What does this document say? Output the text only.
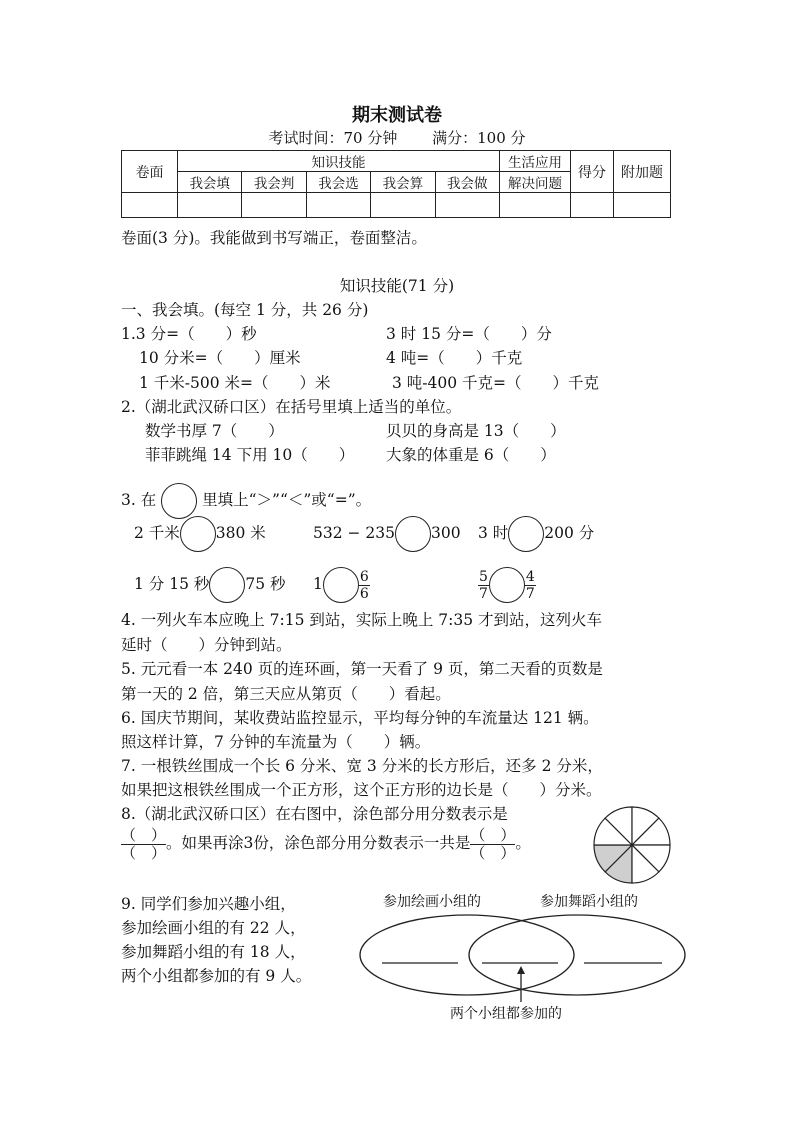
期末测试卷
考试时间：70 分钟　　 满分：100 分
卷面	知识技能					生活应用	得分	附加题
	我会填	我会判	我会选	我会算	我会做	解决问题		

卷面(3 分)。我能做到书写端正，卷面整洁。
知识技能(71 分)
一、我会填。(每空 1 分，共 26 分)
1.3 分=（　　）秒	3 时 15 分=（　　）分
10 分米=（　　）厘米	4 吨=（　　）千克
1 千米-500 米=（　　）米	3 吨-400 千克=（　　）千克
2.（湖北武汉硚口区）在括号里填上适当的单位。
数学书厚 7（　　）	贝贝的身高是 13（　　）
菲菲跳绳 14 下用 10（　　） 大象的体重是 6（　　）
3. 在	里填上“＞”“＜”或“=”。
2 千米 380 米	532 − 235 300 3 时 200 分
1 分 15 秒 75 秒 1	$\frac{6}{6}$	$\frac{5}{7}$	$\frac{4}{7}$
4. 一列火车本应晚上 7:15 到站，实际上晚上 7:35 才到站，这列火车
延时（　　）分钟到站。
5. 元元看一本 240 页的连环画，第一天看了 9 页，第二天看的页数是
第一天的 2 倍，第三天应从第页（　　）看起。
6. 国庆节期间，某收费站监控显示，平均每分钟的车流量达 121 辆。
照这样计算，7 分钟的车流量为（　　）辆。
7. 一根铁丝围成一个长 6 分米、宽 3 分米的长方形后，还多 2 分米，
如果把这根铁丝围成一个正方形，这个正方形的边长是（　　）分米。
8.（湖北武汉硚口区）在右图中，涂色部分用分数表示是
（　）
（　）
。如果再涂3份，涂色部分用分数表示一共是 （　）
（　）
。
9. 同学们参加兴趣小组，
参加绘画小组的有 22 人，
参加舞蹈小组的有 18 人，
两个小组都参加的有 9 人。
参加绘画小组的	参加舞蹈小组的
两个小组都参加的
